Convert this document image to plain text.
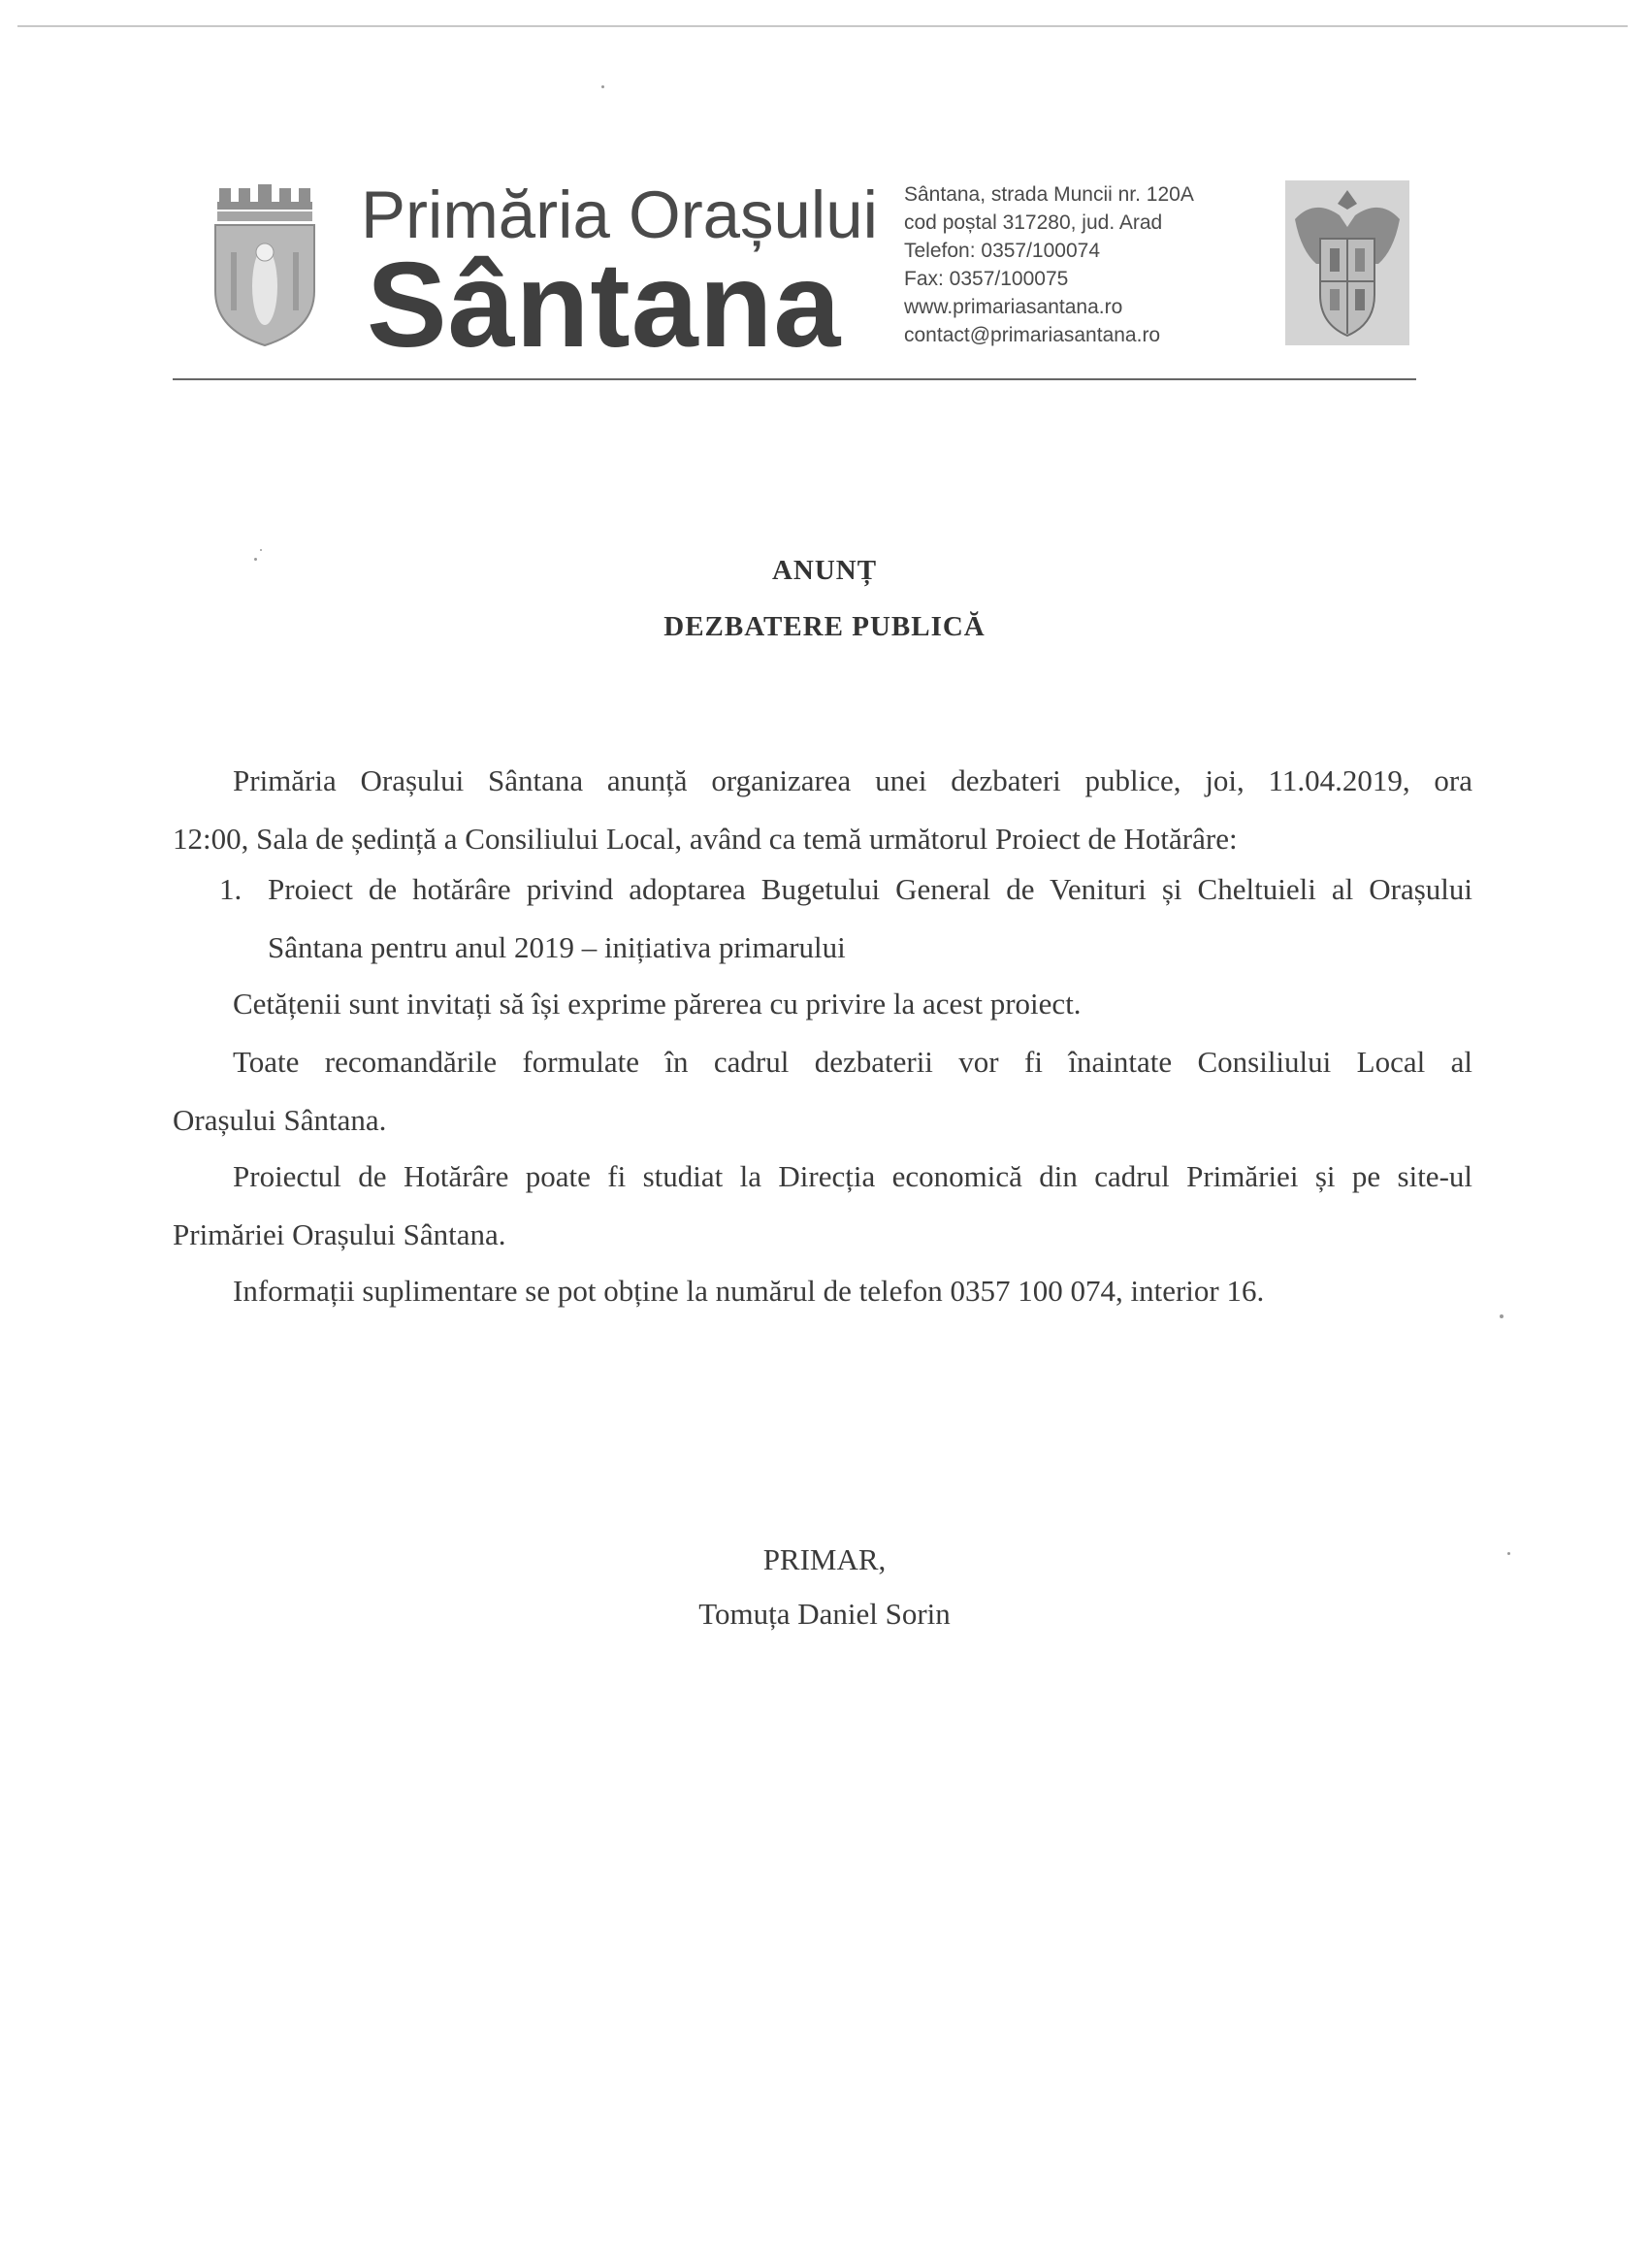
Primăria Orașului
Sântana
Sântana, strada Muncii nr. 120A
cod poștal 317280, jud. Arad
Telefon: 0357/100074
Fax: 0357/100075
www.primariasantana.ro
contact@primariasantana.ro
ANUNȚ
DEZBATERE PUBLICĂ

Primăria Orașului Sântana anunță organizarea unei dezbateri publice, joi, 11.04.2019, ora

12:00, Sala de ședință a Consiliului Local, având ca temă următorul Proiect de Hotărâre:

1. Proiect de hotărâre privind adoptarea Bugetului General de Venituri și Cheltuieli al Orașului

Sântana pentru anul 2019 – inițiativa primarului

Cetățenii sunt invitați să își exprime părerea cu privire la acest proiect.

Toate recomandările formulate în cadrul dezbaterii vor fi înaintate Consiliului Local al

Orașului Sântana.

Proiectul de Hotărâre poate fi studiat la Direcția economică din cadrul Primăriei și pe site-ul

Primăriei Orașului Sântana.

Informații suplimentare se pot obține la numărul de telefon 0357 100 074, interior 16.

PRIMAR,
Tomuța Daniel Sorin
